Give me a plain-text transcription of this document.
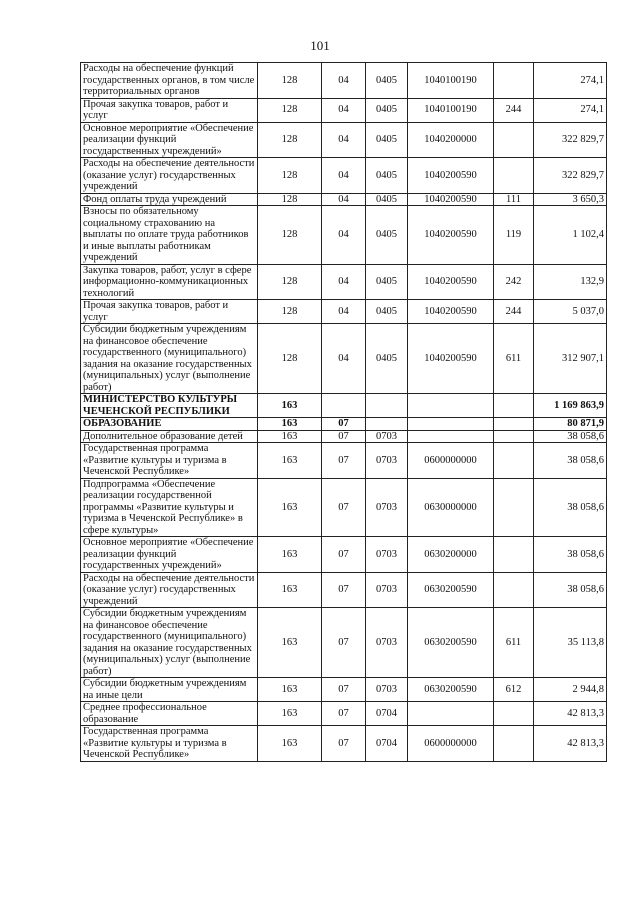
101
Расходы на обеспечение функций государственных органов, в том числе территориальных органов	128	04	0405	1040100190		274,1
Прочая закупка товаров, работ и услуг	128	04	0405	1040100190	244	274,1
Основное мероприятие «Обеспечение реализации функций государственных учреждений»	128	04	0405	1040200000		322 829,7
Расходы на обеспечение деятельности (оказание услуг) государственных учреждений	128	04	0405	1040200590		322 829,7
Фонд оплаты труда учреждений	128	04	0405	1040200590	111	3 650,3
Взносы по обязательному социальному страхованию на выплаты по оплате труда работников и иные выплаты работникам учреждений	128	04	0405	1040200590	119	1 102,4
Закупка товаров, работ, услуг в сфере информационно-коммуникационных технологий	128	04	0405	1040200590	242	132,9
Прочая закупка товаров, работ и услуг	128	04	0405	1040200590	244	5 037,0
Субсидии бюджетным учреждениям на финансовое обеспечение государственного (муниципального) задания на оказание государственных (муниципальных) услуг (выполнение работ)	128	04	0405	1040200590	611	312 907,1
МИНИСТЕРСТВО КУЛЬТУРЫ ЧЕЧЕНСКОЙ РЕСПУБЛИКИ	163					1 169 863,9
ОБРАЗОВАНИЕ	163	07				80 871,9
Дополнительное образование детей	163	07	0703			38 058,6
Государственная программа «Развитие культуры и туризма в Чеченской Республике»	163	07	0703	0600000000		38 058,6
Подпрограмма «Обеспечение реализации государственной программы «Развитие культуры и туризма в Чеченской Республике» в сфере культуры»	163	07	0703	0630000000		38 058,6
Основное мероприятие «Обеспечение реализации функций государственных учреждений»	163	07	0703	0630200000		38 058,6
Расходы на обеспечение деятельности (оказание услуг) государственных учреждений	163	07	0703	0630200590		38 058,6
Субсидии бюджетным учреждениям на финансовое обеспечение государственного (муниципального) задания на оказание государственных (муниципальных) услуг (выполнение работ)	163	07	0703	0630200590	611	35 113,8
Субсидии бюджетным учреждениям на иные цели	163	07	0703	0630200590	612	2 944,8
Среднее профессиональное образование	163	07	0704			42 813,3
Государственная программа «Развитие культуры и туризма в Чеченской Республике»	163	07	0704	0600000000		42 813,3
